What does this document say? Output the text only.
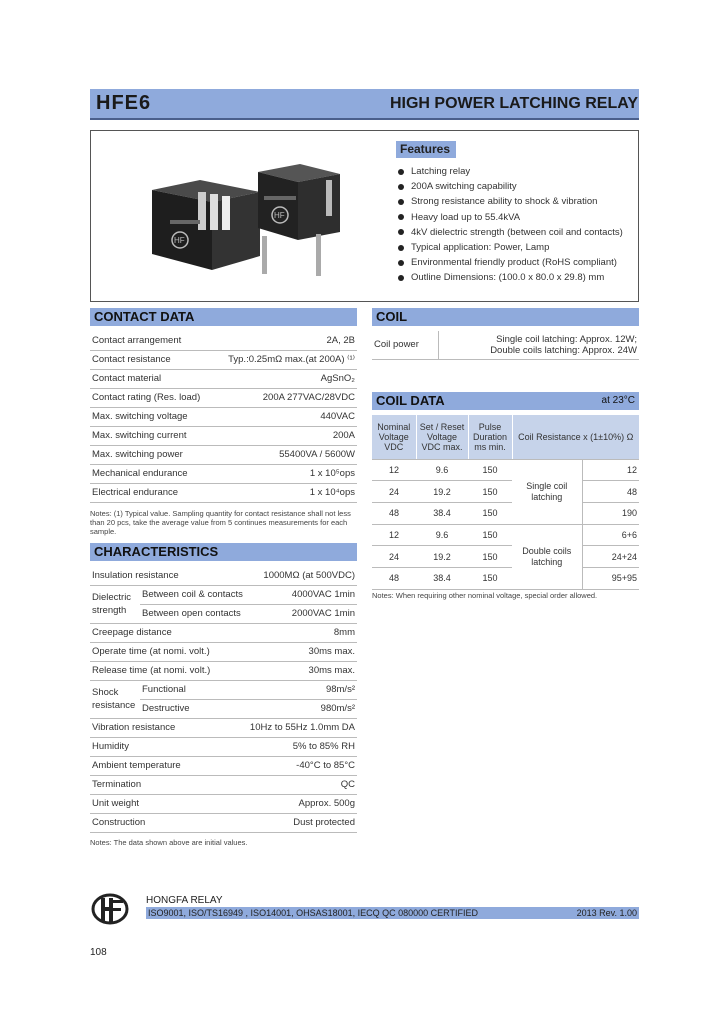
HFE6	HIGH POWER LATCHING RELAY
HF
HF
Features
Latching relay
200A switching capability
Strong resistance ability to shock & vibration
Heavy load up to 55.4kVA
4kV dielectric strength (between coil and contacts)
Typical application: Power, Lamp
Environmental friendly product (RoHS compliant)
Outline Dimensions: (100.0 x 80.0 x 29.8) mm
CONTACT DATA
Contact arrangement	2A, 2B
Contact resistance	Typ.:0.25mΩ max.(at 200A) ⁽¹⁾
Contact material	AgSnO₂
Contact rating (Res. load)	200A 277VAC/28VDC
Max. switching voltage	440VAC
Max. switching current	200A
Max. switching power	55400VA / 5600W
Mechanical endurance	1 x 10⁵ops
Electrical endurance	1 x 10⁴ops
Notes: (1) Typical value. Sampling quantity for contact resistance shall not less than 20 pcs, take the average value from 5 continues measurements for each sample.
CHARACTERISTICS
Insulation resistance		1000MΩ (at 500VDC)
Dielectric strength	Between coil & contacts	4000VAC 1min
	Between open contacts	2000VAC 1min
Creepage distance		8mm
Operate time (at nomi. volt.)		30ms max.
Release time (at nomi. volt.)		30ms max.
Shock resistance	Functional	98m/s²
	Destructive	980m/s²
Vibration resistance		10Hz to 55Hz 1.0mm DA
Humidity		5% to 85% RH
Ambient temperature		-40°C to 85°C
Termination		QC
Unit weight		Approx. 500g
Construction		Dust protected
Notes: The data shown above are initial values.
COIL
Coil power	Single coil latching: Approx. 12W;
Double coils latching: Approx. 24W
COIL DATA	at 23°C
Nominal Voltage VDC	Set / Reset Voltage VDC max.	Pulse Duration ms min.	Coil Resistance x (1±10%) Ω	
12	9.6	150	Single coil latching	12
24	19.2	150		48
48	38.4	150		190
12	9.6	150	Double coils latching	6+6
24	19.2	150		24+24
48	38.4	150		95+95
Notes: When requiring other nominal voltage, special order allowed.
HONGFA RELAY
ISO9001, ISO/TS16949 , ISO14001, OHSAS18001, IECQ QC 080000 CERTIFIED	2013 Rev. 1.00
108
